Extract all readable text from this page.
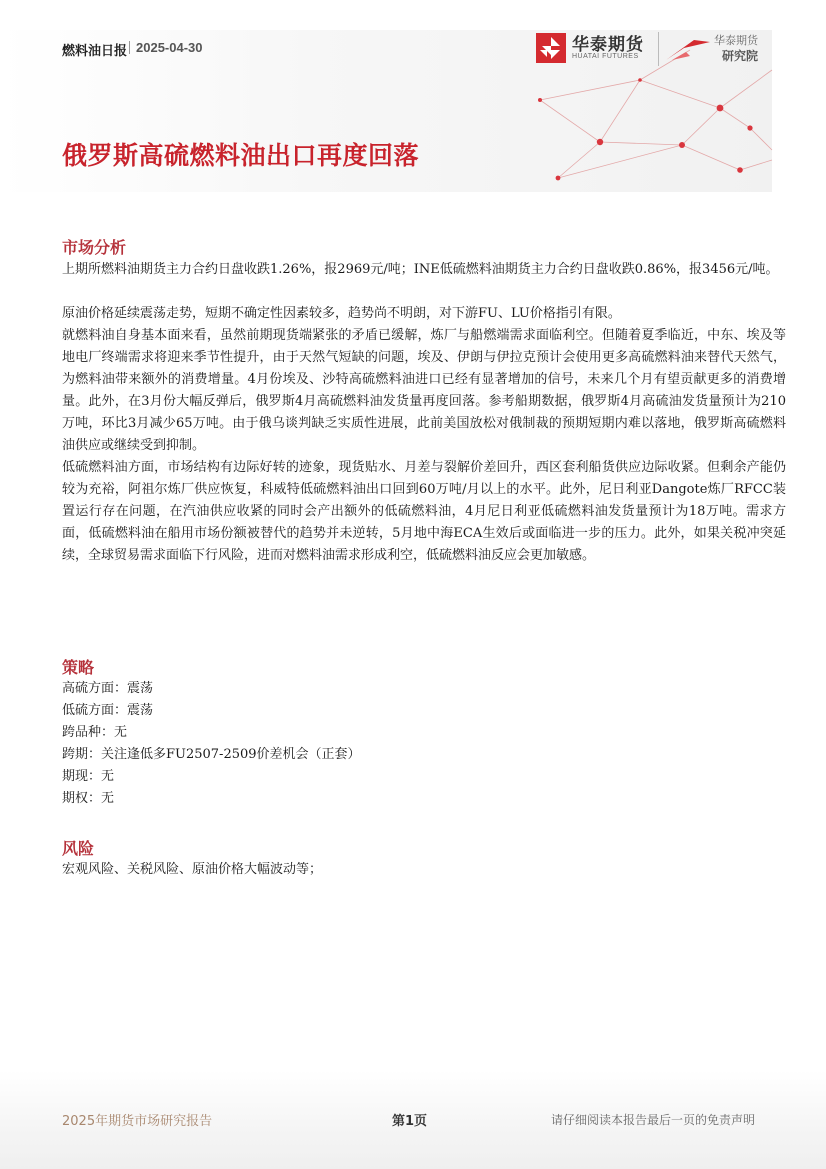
燃料油日报 2025-04-30	华泰期货
HUATAI FUTURES
华泰期货
研究院
俄罗斯高硫燃料油出口再度回落
市场分析

上期所燃料油期货主力合约日盘收跌1.26%，报2969元/吨；INE低硫燃料油期货主力合约日盘收跌0.86%，报3456元/吨。

原油价格延续震荡走势，短期不确定性因素较多，趋势尚不明朗，对下游FU、LU价格指引有限。

就燃料油自身基本面来看，虽然前期现货端紧张的矛盾已缓解，炼厂与船燃端需求面临利空。但随着夏季临近，中东、埃及等地电厂终端需求将迎来季节性提升，由于天然气短缺的问题，埃及、伊朗与伊拉克预计会使用更多高硫燃料油来替代天然气，为燃料油带来额外的消费增量。4月份埃及、沙特高硫燃料油进口已经有显著增加的信号，未来几个月有望贡献更多的消费增量。此外，在3月份大幅反弹后，俄罗斯4月高硫燃料油发货量再度回落。参考船期数据，俄罗斯4月高硫油发货量预计为210万吨，环比3月减少65万吨。由于俄乌谈判缺乏实质性进展，此前美国放松对俄制裁的预期短期内难以落地，俄罗斯高硫燃料油供应或继续受到抑制。

低硫燃料油方面，市场结构有边际好转的迹象，现货贴水、月差与裂解价差回升，西区套利船货供应边际收紧。但剩余产能仍较为充裕，阿祖尔炼厂供应恢复，科威特低硫燃料油出口回到60万吨/月以上的水平。此外，尼日利亚Dangote炼厂RFCC装置运行存在问题，在汽油供应收紧的同时会产出额外的低硫燃料油，4月尼日利亚低硫燃料油发货量预计为18万吨。需求方面，低硫燃料油在船用市场份额被替代的趋势并未逆转，5月地中海ECA生效后或面临进一步的压力。此外，如果关税冲突延续，全球贸易需求面临下行风险，进而对燃料油需求形成利空，低硫燃料油反应会更加敏感。

策略

高硫方面：震荡

低硫方面：震荡

跨品种：无

跨期：关注逢低多FU2507-2509价差机会（正套）

期现：无

期权：无

风险

宏观风险、关税风险、原油价格大幅波动等；

2025年期货市场研究报告	第1页	请仔细阅读本报告最后一页的免责声明
